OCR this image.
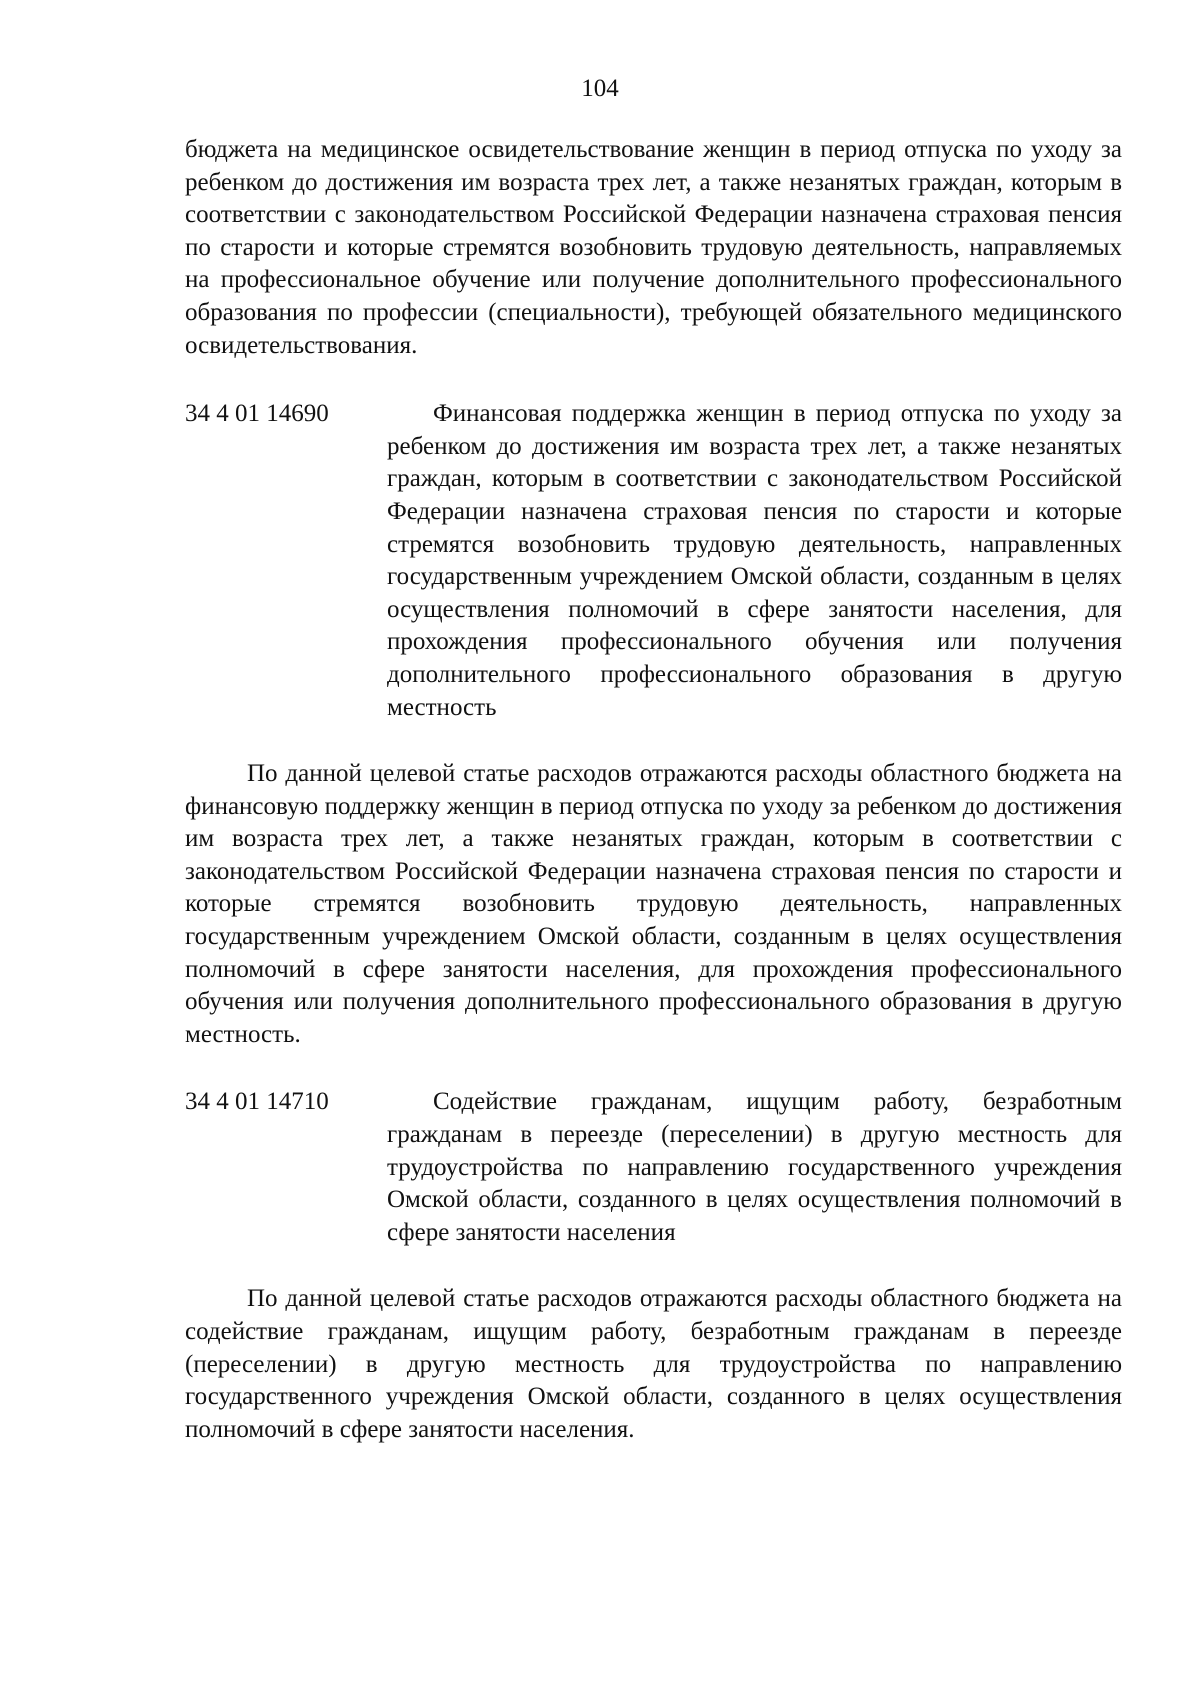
104

бюджета на медицинское освидетельствование женщин в период отпуска по уходу за ребенком до достижения им возраста трех лет, а также незанятых граждан, которым в соответствии с законодательством Российской Федерации назначена страховая пенсия по старости и которые стремятся возобновить трудовую деятельность, направляемых на профессиональное обучение или получение дополнительного профессионального образования по профессии (специальности), требующей обязательного медицинского освидетельствования.

34 4 01 14690	Финансовая поддержка женщин в период отпуска по уходу за ребенком до достижения им возраста трех лет, а также незанятых граждан, которым в соответствии с законодательством Российской Федерации назначена страховая пенсия по старости и которые стремятся возобновить трудовую деятельность, направленных государственным учреждением Омской области, созданным в целях осуществления полномочий в сфере занятости населения, для прохождения профессионального обучения или получения дополнительного профессионального образования в другую местность

По данной целевой статье расходов отражаются расходы областного бюджета на финансовую поддержку женщин в период отпуска по уходу за ребенком до достижения им возраста трех лет, а также незанятых граждан, которым в соответствии с законодательством Российской Федерации назначена страховая пенсия по старости и которые стремятся возобновить трудовую деятельность, направленных государственным учреждением Омской области, созданным в целях осуществления полномочий в сфере занятости населения, для прохождения профессионального обучения или получения дополнительного профессионального образования в другую местность.

34 4 01 14710	Содействие гражданам, ищущим работу, безработным гражданам в переезде (переселении) в другую местность для трудоустройства по направлению государственного учреждения Омской области, созданного в целях осуществления полномочий в сфере занятости населения

По данной целевой статье расходов отражаются расходы областного бюджета на содействие гражданам, ищущим работу, безработным гражданам в переезде (переселении) в другую местность для трудоустройства по направлению государственного учреждения Омской области, созданного в целях осуществления полномочий в сфере занятости населения.
